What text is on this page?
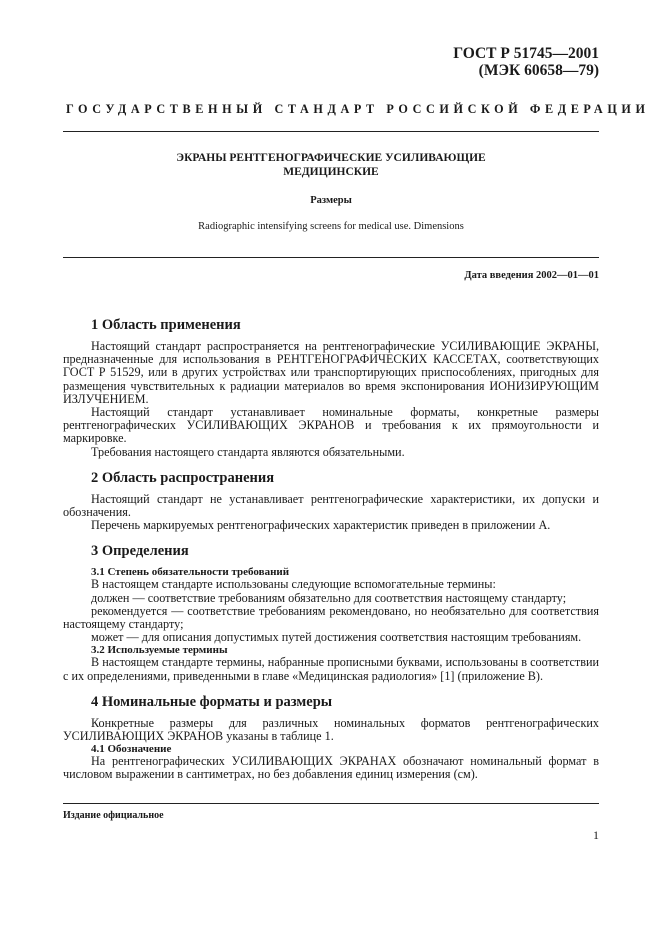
ГОСТ Р 51745—2001
(МЭК 60658—79)
ГОСУДАРСТВЕННЫЙ СТАНДАРТ РОССИЙСКОЙ ФЕДЕРАЦИИ
ЭКРАНЫ РЕНТГЕНОГРАФИЧЕСКИЕ УСИЛИВАЮЩИЕ
МЕДИЦИНСКИЕ
Размеры
Radiographic intensifying screens for medical use. Dimensions
Дата введения 2002—01—01
1 Область применения

Настоящий стандарт распространяется на рентгенографические УСИЛИВАЮЩИЕ ЭКРАНЫ, предназначенные для использования в РЕНТГЕНОГРАФИЧЕСКИХ КАССЕТАХ, соответствующих ГОСТ Р 51529, или в других устройствах или транспортирующих приспособлениях, пригодных для размещения чувствительных к радиации материалов во время экспонирования ИОНИЗИРУЮЩИМ ИЗЛУЧЕНИЕМ.

Настоящий стандарт устанавливает номинальные форматы, конкретные размеры рентгенографических УСИЛИВАЮЩИХ ЭКРАНОВ и требования к их прямоугольности и маркировке.

Требования настоящего стандарта являются обязательными.

2 Область распространения

Настоящий стандарт не устанавливает рентгенографические характеристики, их допуски и обозначения.

Перечень маркируемых рентгенографических характеристик приведен в приложении А.

3 Определения
3.1 Степень обязательности требований

В настоящем стандарте использованы следующие вспомогательные термины:

должен — соответствие требованиям обязательно для соответствия настоящему стандарту;

рекомендуется — соответствие требованиям рекомендовано, но необязательно для соответствия настоящему стандарту;

может — для описания допустимых путей достижения соответствия настоящим требованиям.

3.2 Используемые термины

В настоящем стандарте термины, набранные прописными буквами, использованы в соответствии с их определениями, приведенными в главе «Медицинская радиология» [1] (приложение В).

4 Номинальные форматы и размеры

Конкретные размеры для различных номинальных форматов рентгенографических УСИЛИВАЮЩИХ ЭКРАНОВ указаны в таблице 1.

4.1 Обозначение

На рентгенографических УСИЛИВАЮЩИХ ЭКРАНАХ обозначают номинальный формат в числовом выражении в сантиметрах, но без добавления единиц измерения (см).

Издание официальное
1
